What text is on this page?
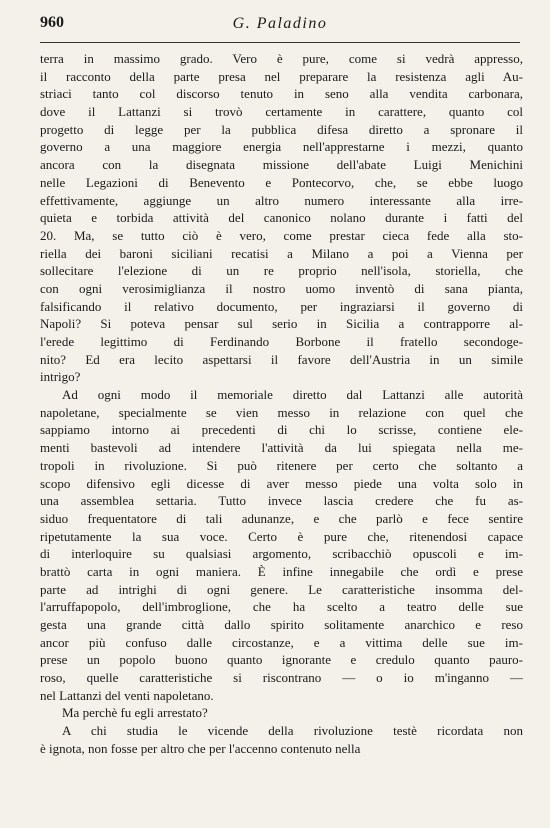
960	G. Paladino
terra in massimo grado. Vero è pure, come si vedrà appresso,
il racconto della parte presa nel preparare la resistenza agli Au-
striaci tanto col discorso tenuto in seno alla vendita carbonara,
dove il Lattanzi si trovò certamente in carattere, quanto col
progetto di legge per la pubblica difesa diretto a spronare il
governo a una maggiore energia nell'apprestarne i mezzi, quanto
ancora con la disegnata missione dell'abate Luigi Menichini
nelle Legazioni di Benevento e Pontecorvo, che, se ebbe luogo
effettivamente, aggiunge un altro numero interessante alla irre-
quieta e torbida attività del canonico nolano durante i fatti del
20. Ma, se tutto ciò è vero, come prestar cieca fede alla sto-
riella dei baroni siciliani recatisi a Milano a poi a Vienna per
sollecitare l'elezione di un re proprio nell'isola, storiella, che
con ogni verosimiglianza il nostro uomo inventò di sana pianta,
falsificando il relativo documento, per ingraziarsi il governo di
Napoli? Si poteva pensar sul serio in Sicilia a contrapporre al-
l'erede legittimo di Ferdinando Borbone il fratello secondoge-
nito? Ed era lecito aspettarsi il favore dell'Austria in un simile
intrigo?
Ad ogni modo il memoriale diretto dal Lattanzi alle autorità
napoletane, specialmente se vien messo in relazione con quel che
sappiamo intorno ai precedenti di chi lo scrisse, contiene ele-
menti bastevoli ad intendere l'attività da lui spiegata nella me-
tropoli in rivoluzione. Si può ritenere per certo che soltanto a
scopo difensivo egli dicesse di aver messo piede una volta solo in
una assemblea settaria. Tutto invece lascia credere che fu as-
siduo frequentatore di tali adunanze, e che parlò e fece sentire
ripetutamente la sua voce. Certo è pure che, ritenendosi capace
di interloquire su qualsiasi argomento, scribacchiò opuscoli e im-
brattò carta in ogni maniera. È infine innegabile che ordì e prese
parte ad intrighi di ogni genere. Le caratteristiche insomma del-
l'arruffapopolo, dell'imbroglione, che ha scelto a teatro delle sue
gesta una grande città dallo spirito solitamente anarchico e reso
ancor più confuso dalle circostanze, e a vittima delle sue im-
prese un popolo buono quanto ignorante e credulo quanto pauro-
roso, quelle caratteristiche si riscontrano — o io m'inganno —
nel Lattanzi del venti napoletano.
Ma perchè fu egli arrestato?
A chi studia le vicende della rivoluzione testè ricordata non
è ignota, non fosse per altro che per l'accenno contenuto nella
